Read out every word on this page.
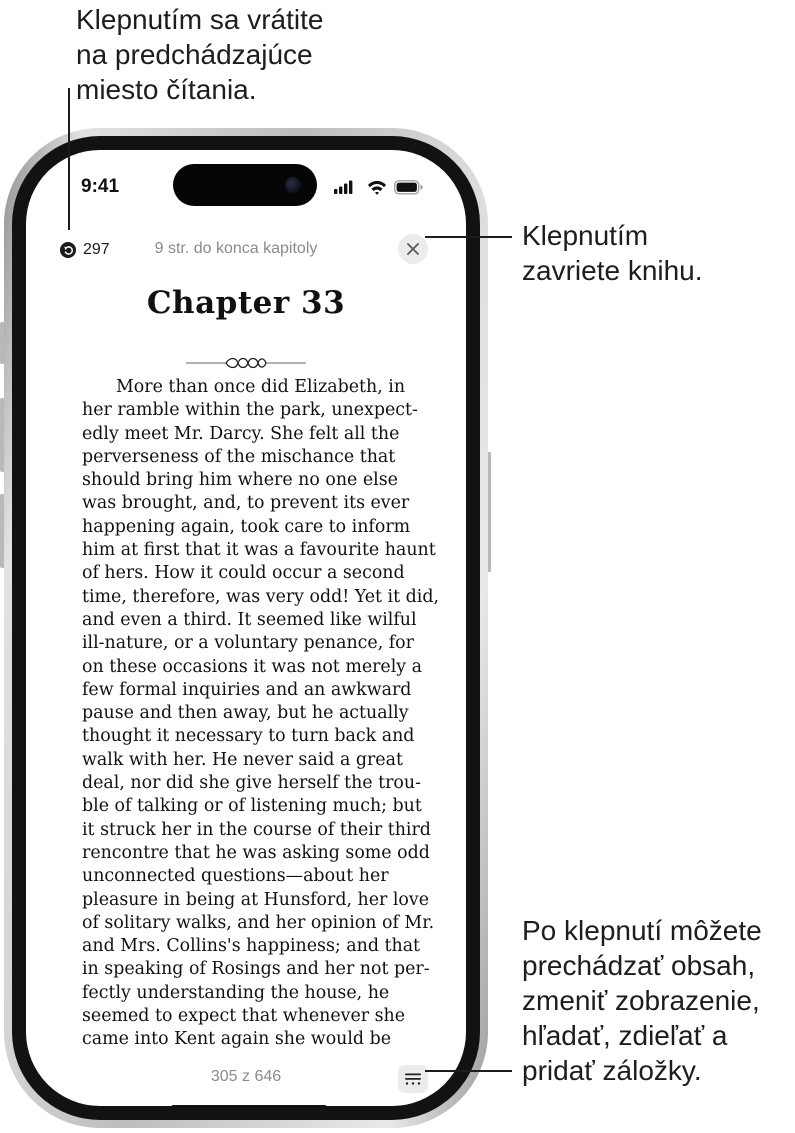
Klepnutím sa vrátite
na predchádzajúce
miesto čítania.
Klepnutím
zavriete knihu.
Po klepnutí môžete
prechádzať obsah,
zmeniť zobrazenie,
hľadať, zdieľať a
pridať záložky.
9:41
297	9 str. do konca kapitoly
Chapter 33
More than once did Elizabeth, in
her ramble within the park, unexpect-
edly meet Mr. Darcy. She felt all the
perverseness of the mischance that
should bring him where no one else
was brought, and, to prevent its ever
happening again, took care to inform
him at first that it was a favourite haunt
of hers. How it could occur a second
time, therefore, was very odd! Yet it did,
and even a third. It seemed like wilful
ill-nature, or a voluntary penance, for
on these occasions it was not merely a
few formal inquiries and an awkward
pause and then away, but he actually
thought it necessary to turn back and
walk with her. He never said a great
deal, nor did she give herself the trou-
ble of talking or of listening much; but
it struck her in the course of their third
rencontre that he was asking some odd
unconnected questions—about her
pleasure in being at Hunsford, her love
of solitary walks, and her opinion of Mr.
and Mrs. Collins's happiness; and that
in speaking of Rosings and her not per-
fectly understanding the house, he
seemed to expect that whenever she
came into Kent again she would be
305 z 646
